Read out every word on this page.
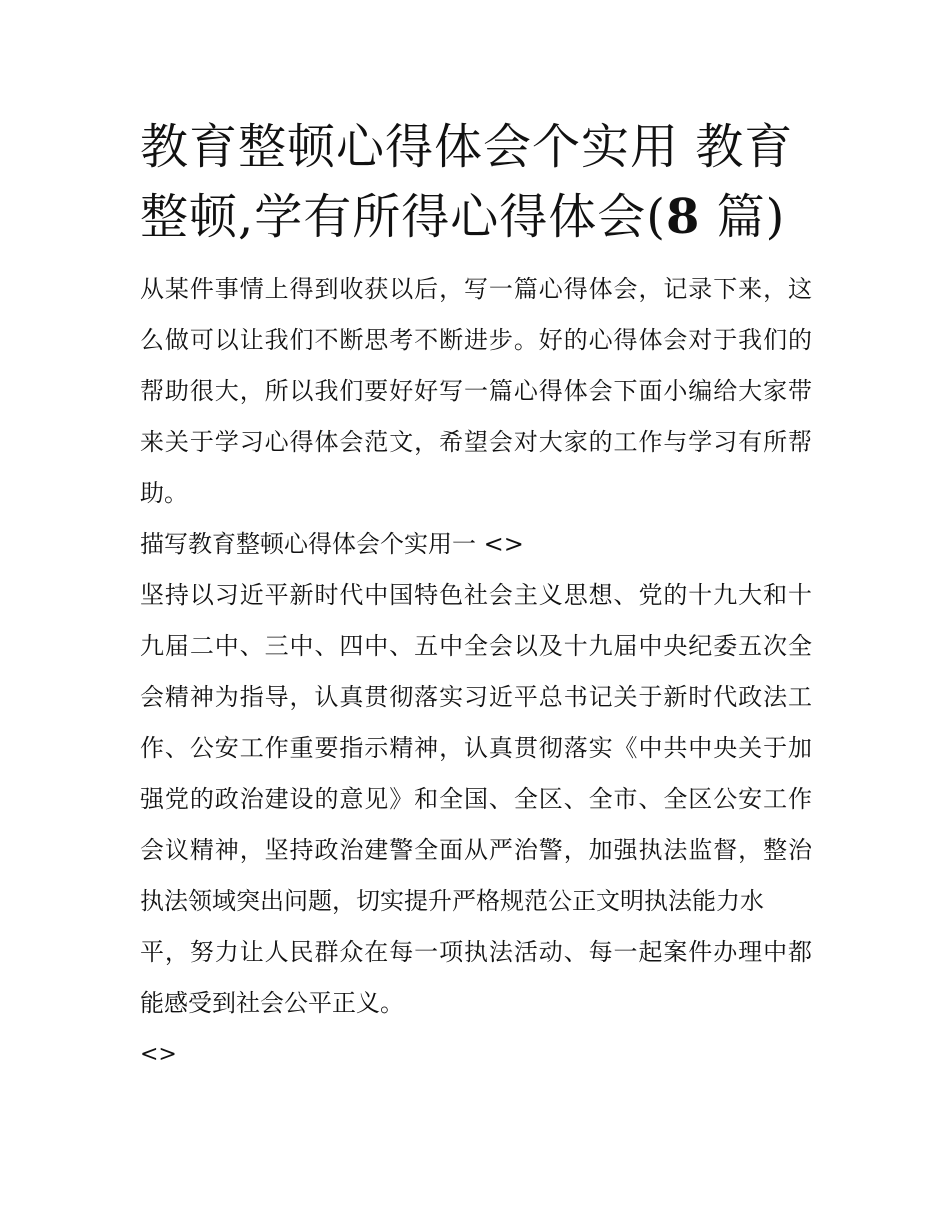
教育整顿心得体会个实用 教育
整顿,学有所得心得体会(8 篇)

从某件事情上得到收获以后，写一篇心得体会，记录下来，这
么做可以让我们不断思考不断进步。好的心得体会对于我们的
帮助很大，所以我们要好好写一篇心得体会下面小编给大家带
来关于学习心得体会范文，希望会对大家的工作与学习有所帮
助。

描写教育整顿心得体会个实用一 <>

坚持以习近平新时代中国特色社会主义思想、党的十九大和十
九届二中、三中、四中、五中全会以及十九届中央纪委五次全
会精神为指导，认真贯彻落实习近平总书记关于新时代政法工
作、公安工作重要指示精神，认真贯彻落实《中共中央关于加
强党的政治建设的意见》和全国、全区、全市、全区公安工作
会议精神，坚持政治建警全面从严治警，加强执法监督，整治
执法领域突出问题，切实提升严格规范公正文明执法能力水
平，努力让人民群众在每一项执法活动、每一起案件办理中都
能感受到社会公平正义。

<>
